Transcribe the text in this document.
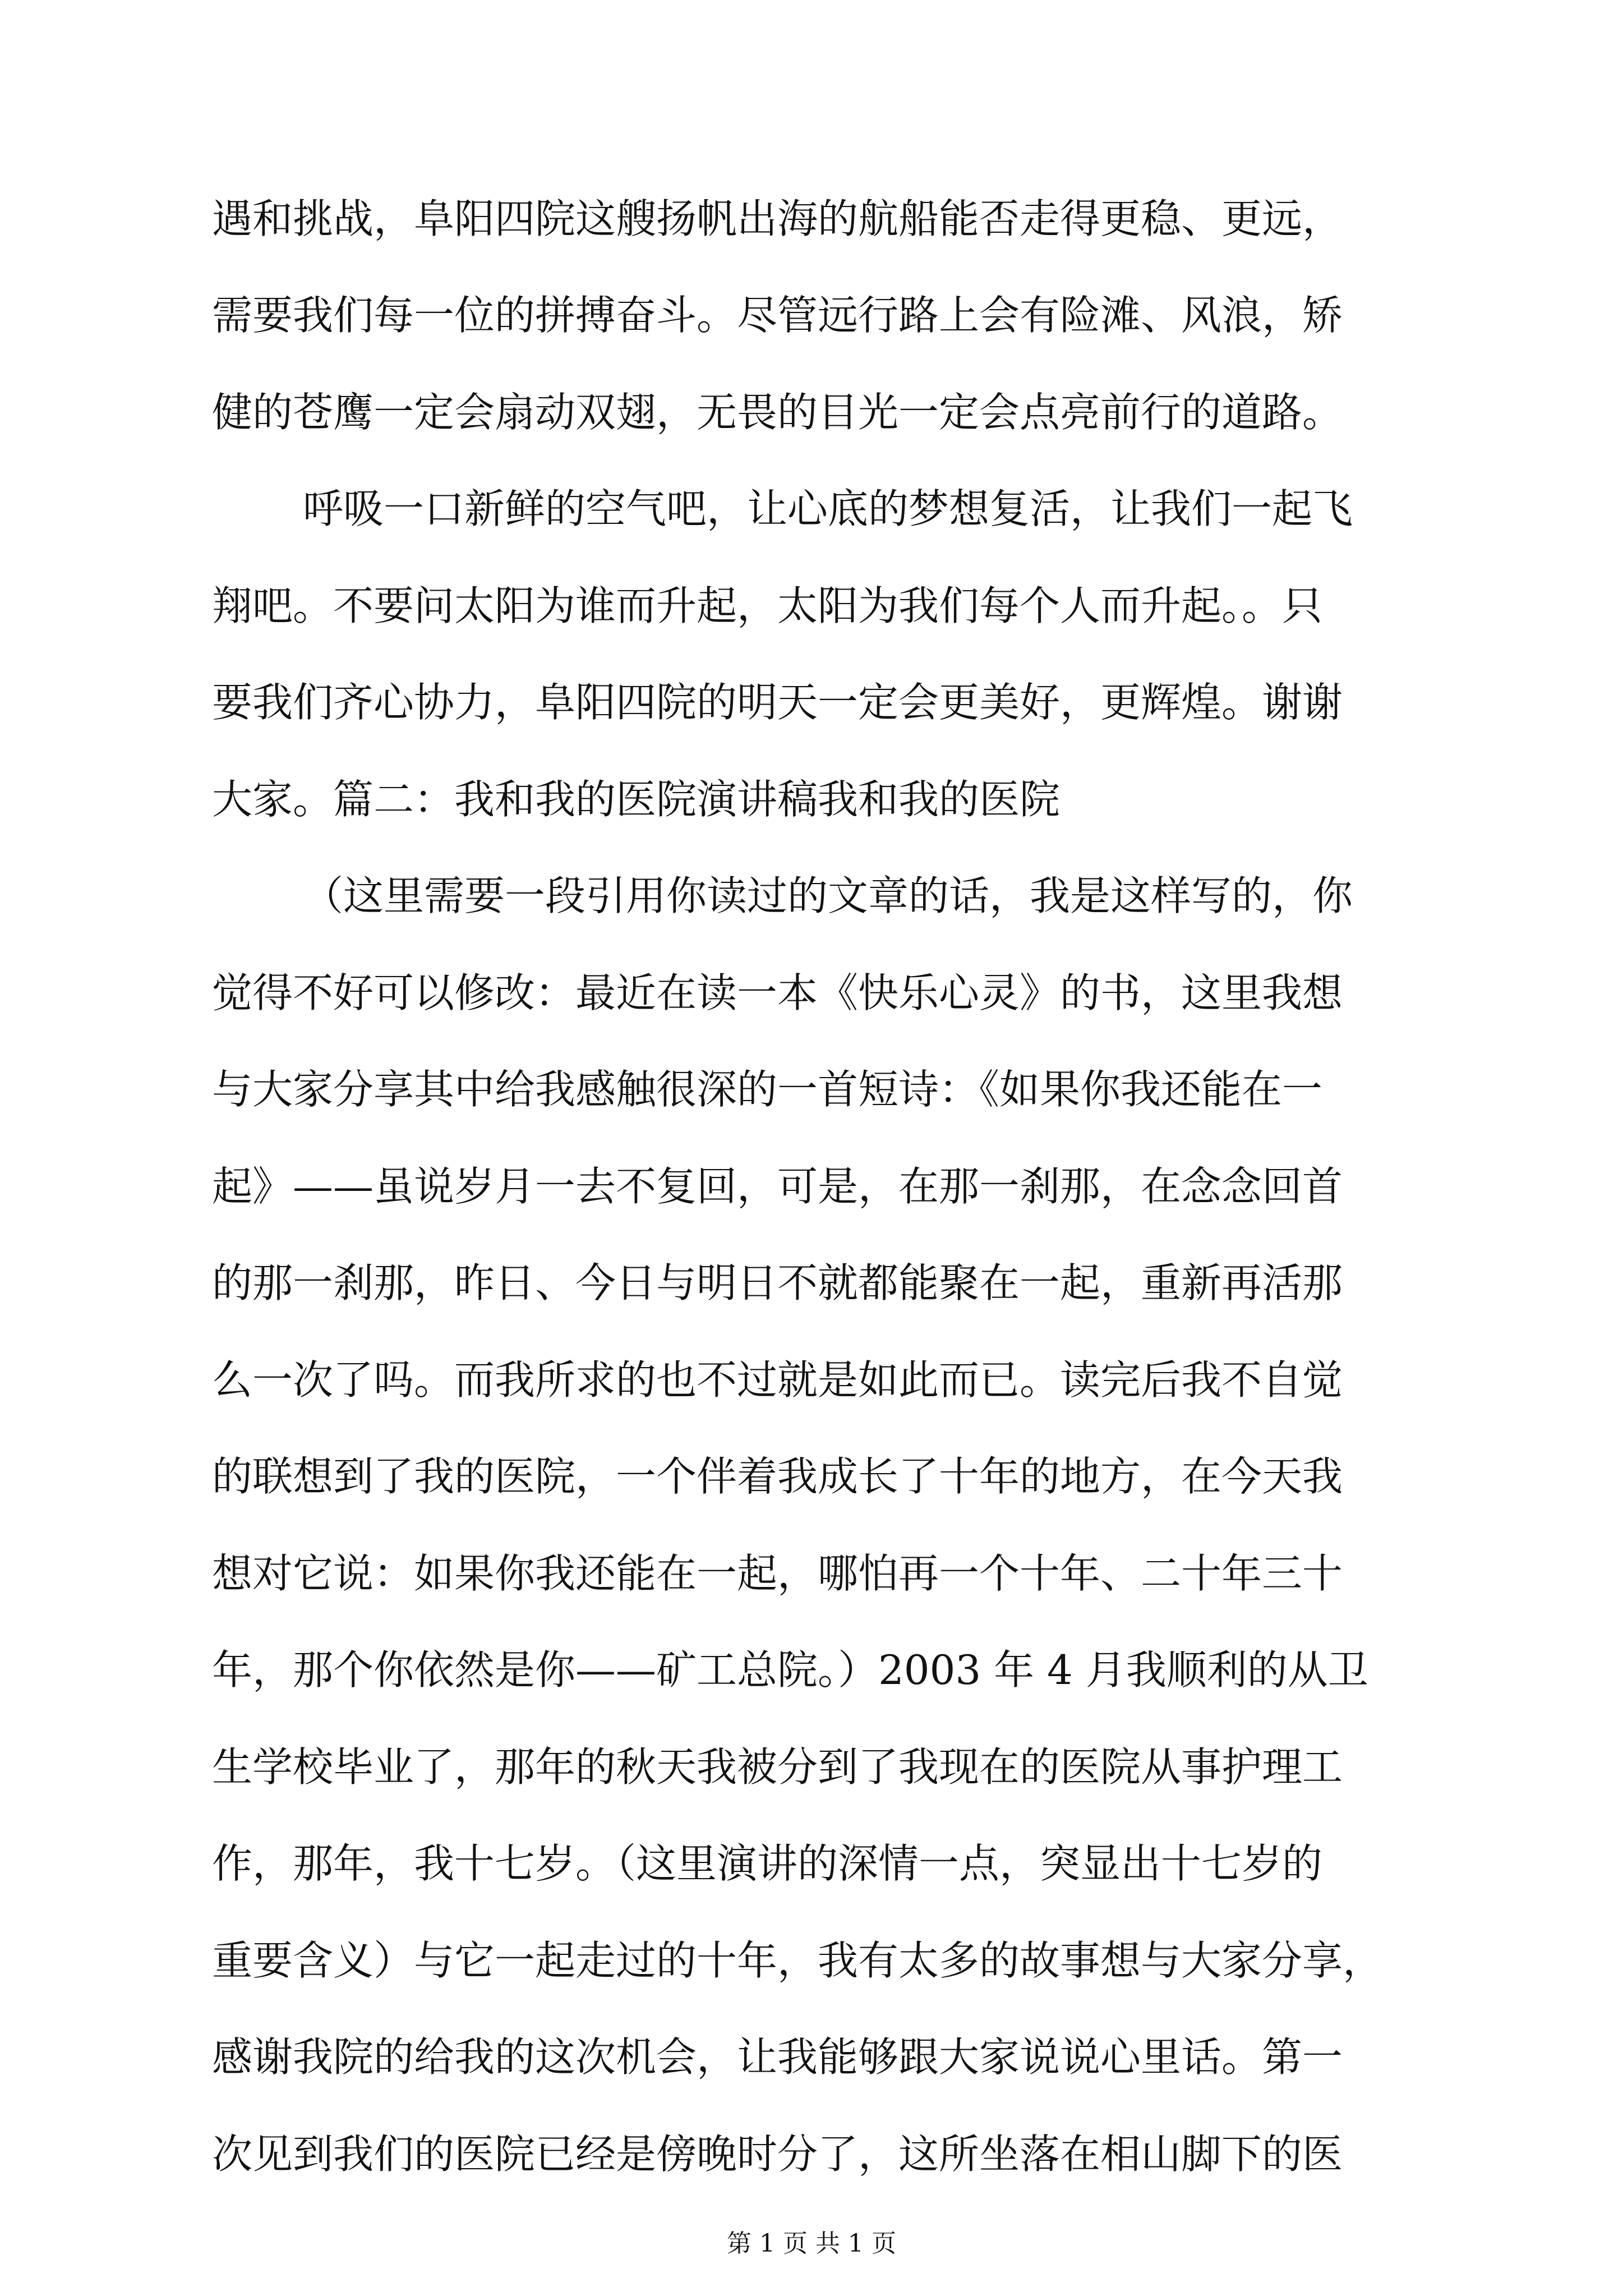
遇和挑战，阜阳四院这艘扬帆出海的航船能否走得更稳、更远，
需要我们每一位的拼搏奋斗。尽管远行路上会有险滩、风浪，矫
健的苍鹰一定会扇动双翅，无畏的目光一定会点亮前行的道路。
呼吸一口新鲜的空气吧，让心底的梦想复活，让我们一起飞
翔吧。不要问太阳为谁而升起，太阳为我们每个人而升起。。只
要我们齐心协力，阜阳四院的明天一定会更美好，更辉煌。谢谢
大家。篇二：我和我的医院演讲稿我和我的医院
（这里需要一段引用你读过的文章的话，我是这样写的，你
觉得不好可以修改：最近在读一本《快乐心灵》的书，这里我想
与大家分享其中给我感触很深的一首短诗：《如果你我还能在一
起》——虽说岁月一去不复回，可是，在那一刹那，在念念回首
的那一刹那，昨日、今日与明日不就都能聚在一起，重新再活那
么一次了吗。而我所求的也不过就是如此而已。读完后我不自觉
的联想到了我的医院，一个伴着我成长了十年的地方，在今天我
想对它说：如果你我还能在一起，哪怕再一个十年、二十年三十
年，那个你依然是你——矿工总院。）2003 年 4 月我顺利的从卫
生学校毕业了，那年的秋天我被分到了我现在的医院从事护理工
作，那年，我十七岁。（这里演讲的深情一点，突显出十七岁的
重要含义）与它一起走过的十年，我有太多的故事想与大家分享，
感谢我院的给我的这次机会，让我能够跟大家说说心里话。第一
次见到我们的医院已经是傍晚时分了，这所坐落在相山脚下的医
第 1 页 共 1 页
